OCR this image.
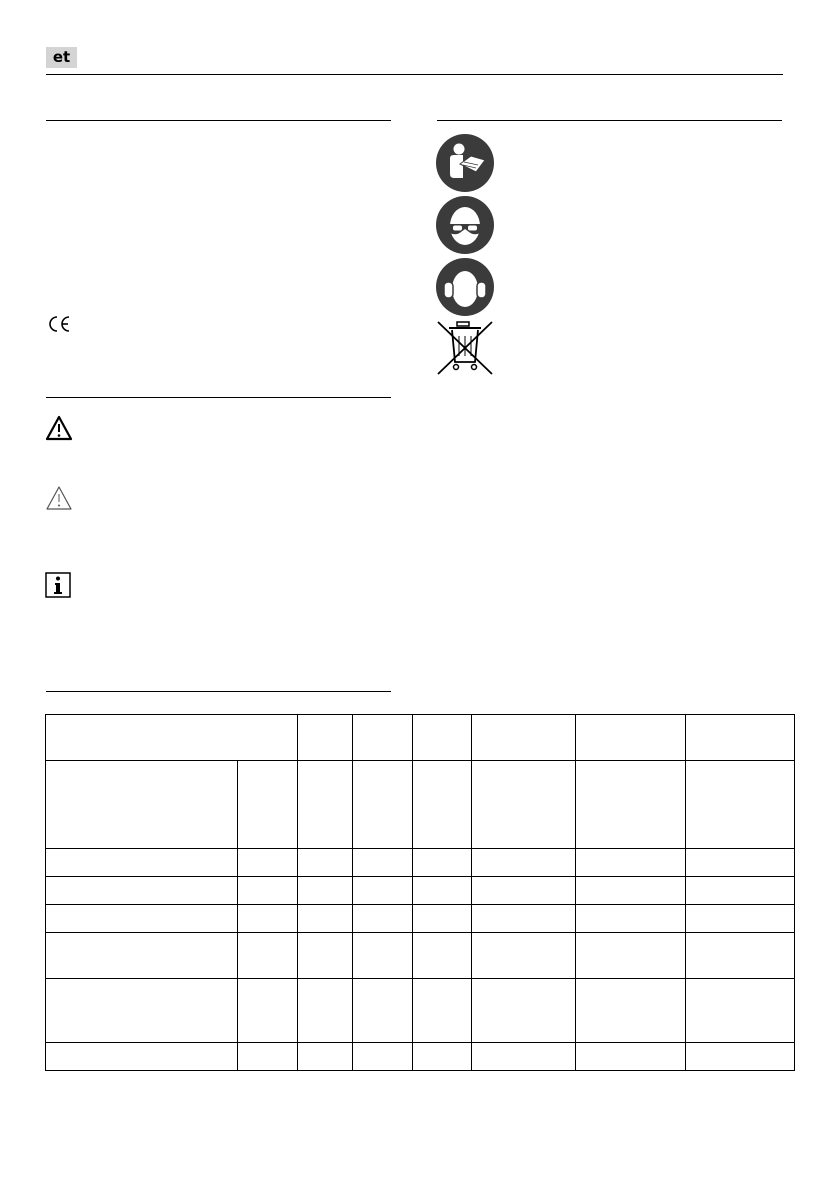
et
